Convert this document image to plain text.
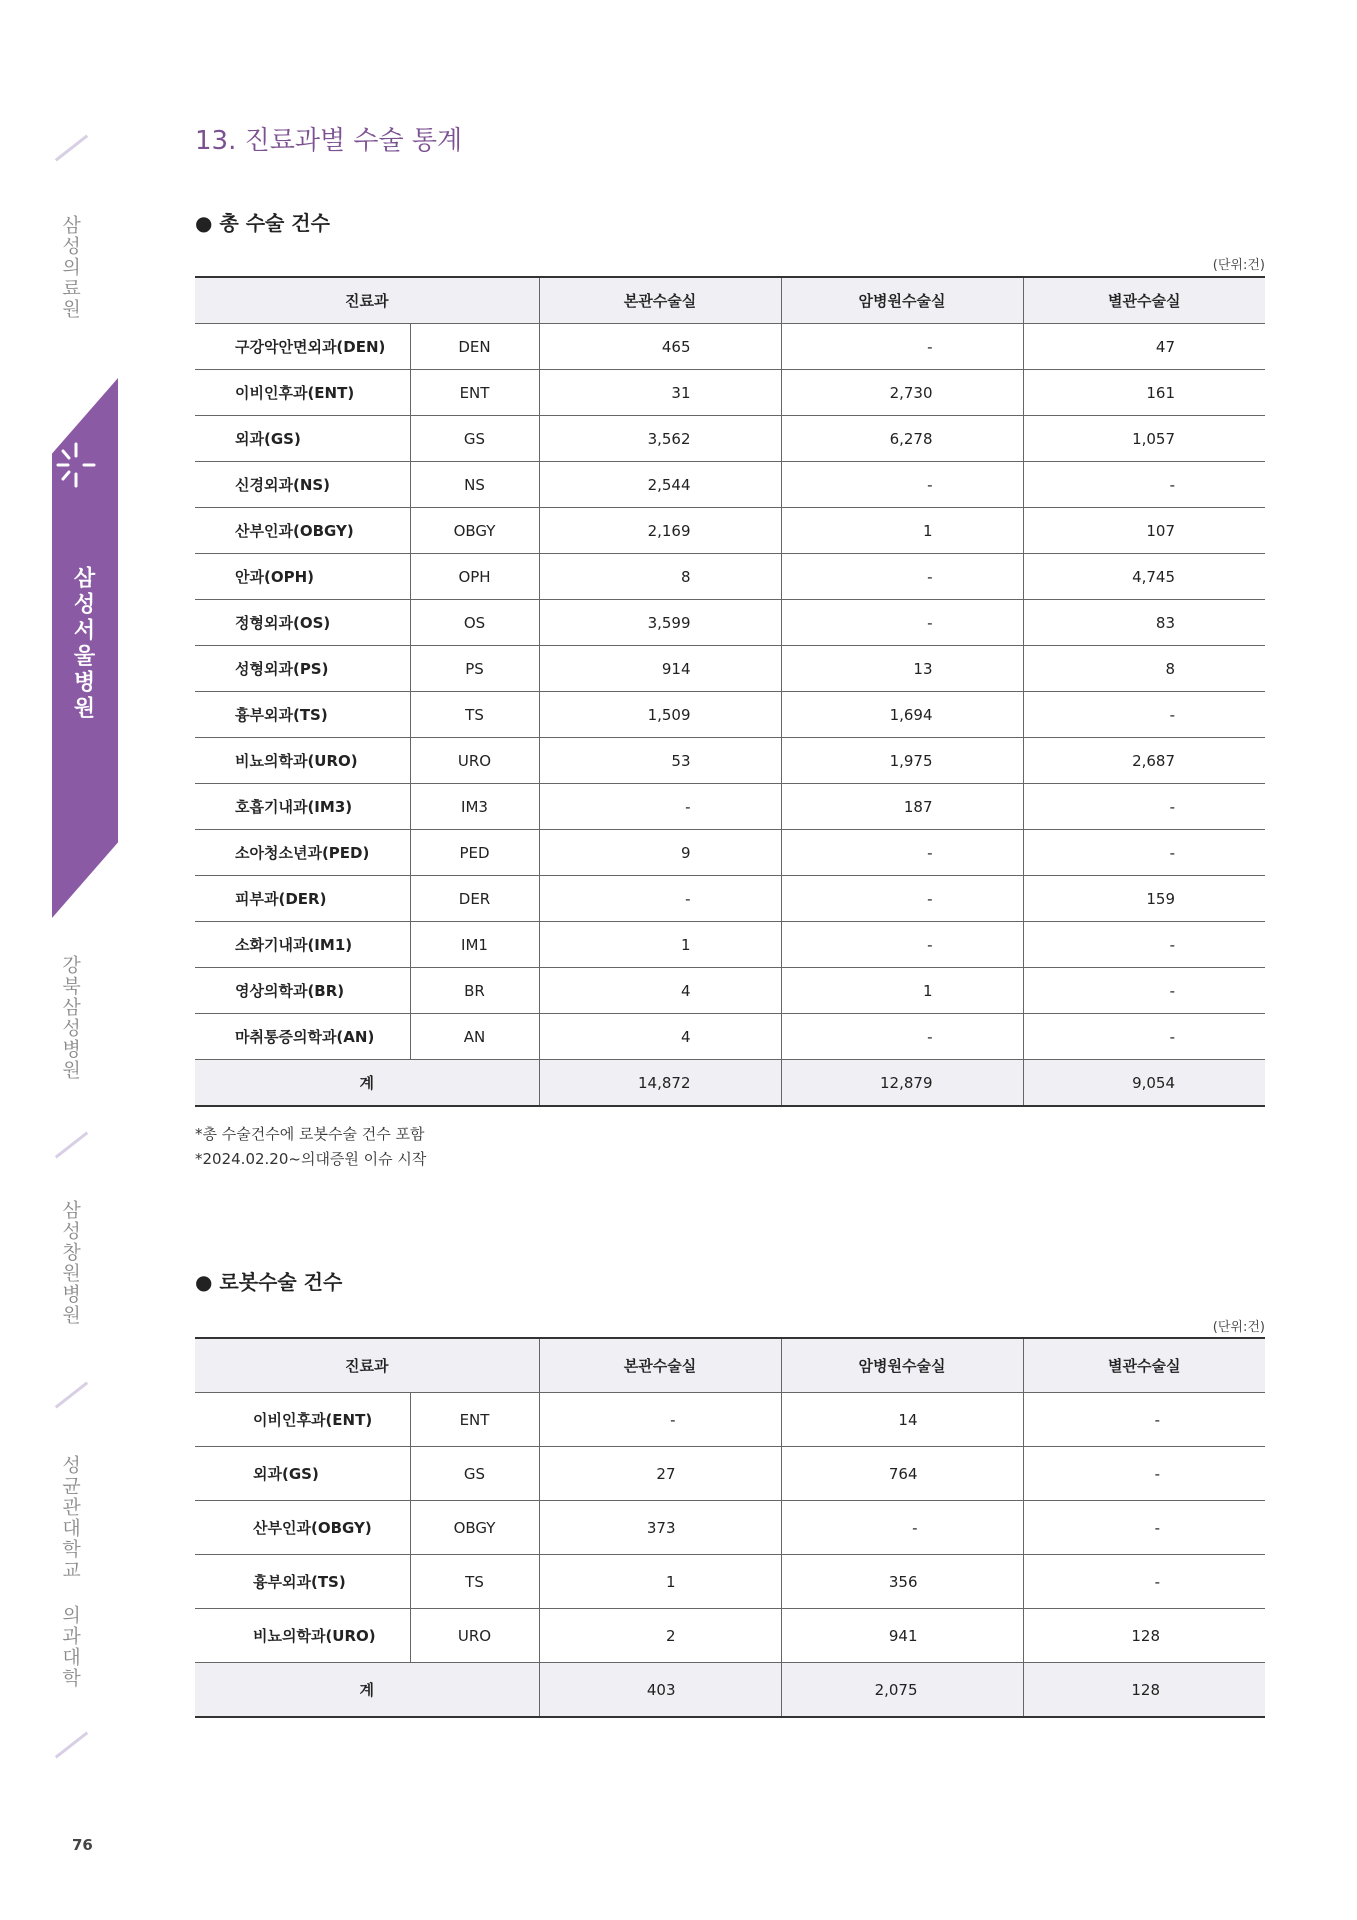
삼성의료원
삼성서울병원
강북삼성병원
삼성창원병원
성균관대학교 의과대학
76
13. 진료과별 수술 통계
● 총 수술 건수
(단위:건)
진료과		본관수술실	암병원수술실	별관수술실
구강악안면외과(DEN)	DEN	465	-	47
이비인후과(ENT)	ENT	31	2,730	161
외과(GS)	GS	3,562	6,278	1,057
신경외과(NS)	NS	2,544	-	-
산부인과(OBGY)	OBGY	2,169	1	107
안과(OPH)	OPH	8	-	4,745
정형외과(OS)	OS	3,599	-	83
성형외과(PS)	PS	914	13	8
흉부외과(TS)	TS	1,509	1,694	-
비뇨의학과(URO)	URO	53	1,975	2,687
호흡기내과(IM3)	IM3	-	187	-
소아청소년과(PED)	PED	9	-	-
피부과(DER)	DER	-	-	159
소화기내과(IM1)	IM1	1	-	-
영상의학과(BR)	BR	4	1	-
마취통증의학과(AN)	AN	4	-	-
계		14,872	12,879	9,054
*총 수술건수에 로봇수술 건수 포함
*2024.02.20~의대증원 이슈 시작
● 로봇수술 건수
(단위:건)
진료과		본관수술실	암병원수술실	별관수술실
이비인후과(ENT)	ENT	-	14	-
외과(GS)	GS	27	764	-
산부인과(OBGY)	OBGY	373	-	-
흉부외과(TS)	TS	1	356	-
비뇨의학과(URO)	URO	2	941	128
계		403	2,075	128
